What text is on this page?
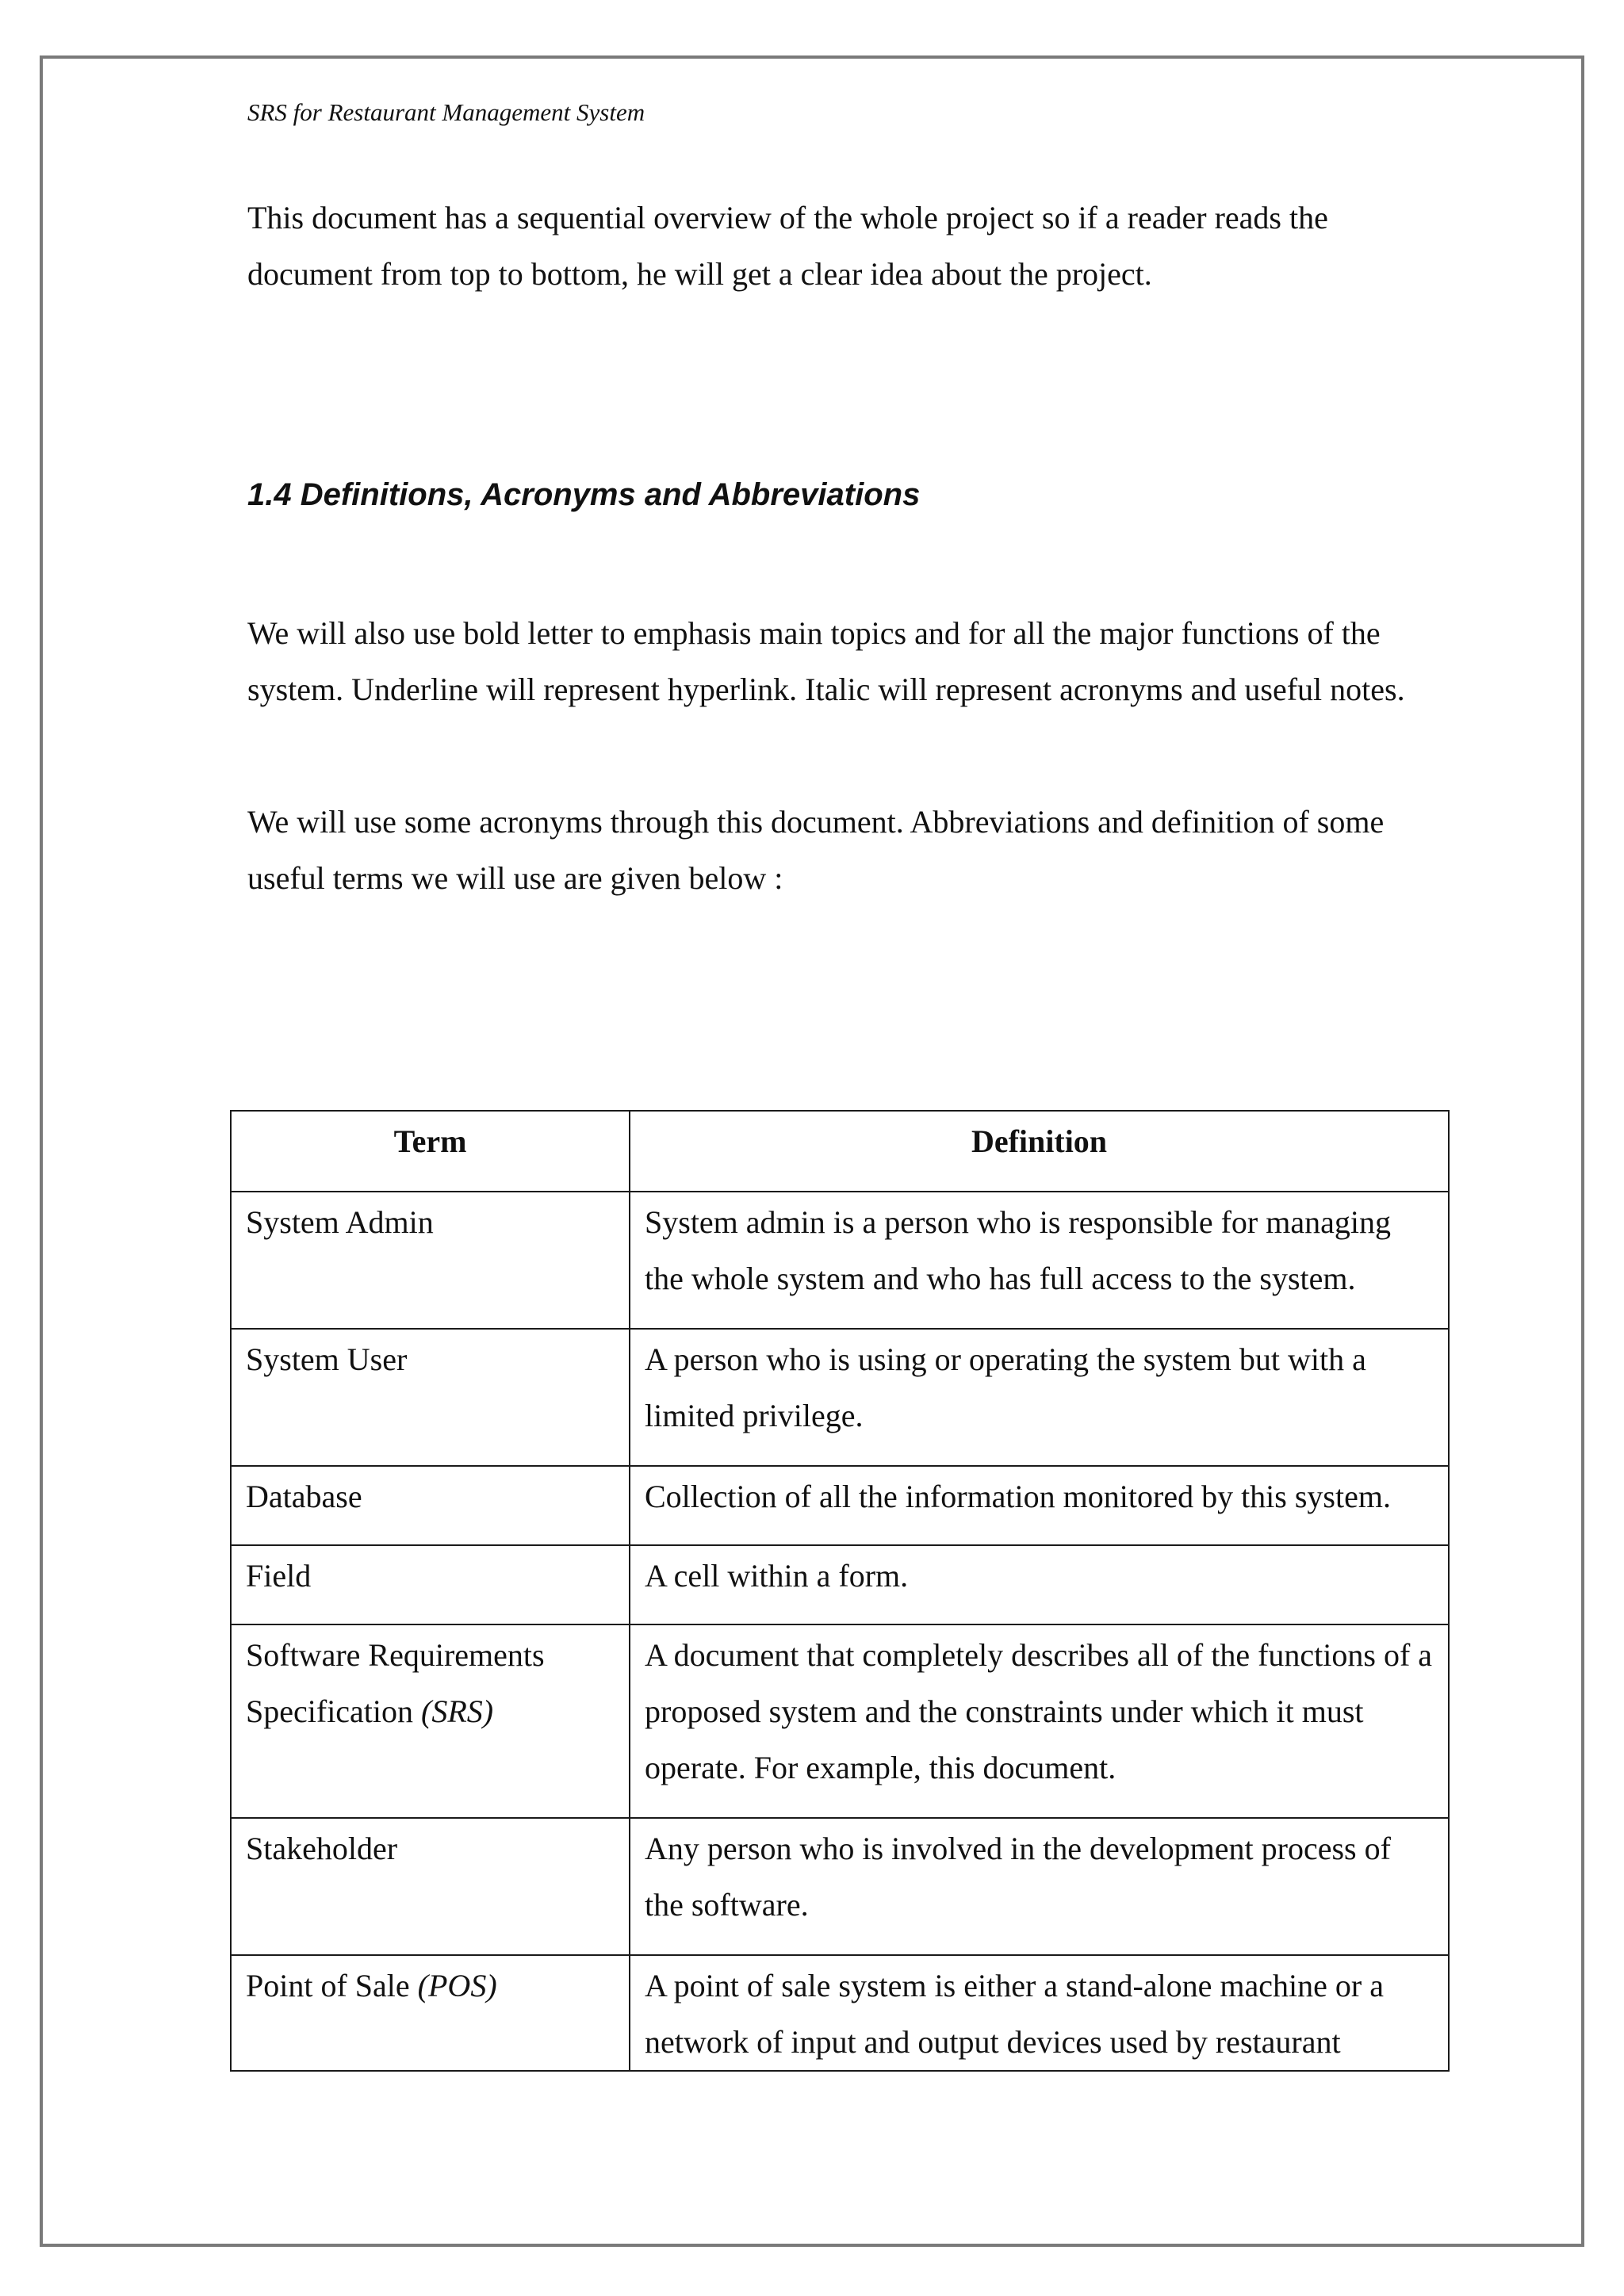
SRS for Restaurant Management System

This document has a sequential overview of the whole project so if a reader reads the document from top to bottom, he will get a clear idea about the project.

1.4 Definitions, Acronyms and Abbreviations

We will also use bold letter to emphasis main topics and for all the major functions of the system. Underline will represent hyperlink. Italic will represent acronyms and useful notes.

We will use some acronyms through this document. Abbreviations and definition of some useful terms we will use are given below :

Term	Definition
System Admin	System admin is a person who is responsible for managing the whole system and who has full access to the system.
System User	A person who is using or operating the system but with a limited privilege.
Database	Collection of all the information monitored by this system.
Field	A cell within a form.
Software Requirements Specification (SRS)	A document that completely describes all of the functions of a proposed system and the constraints under which it must operate. For example, this document.
Stakeholder	Any person who is involved in the development process of the software.
Point of Sale (POS)	A point of sale system is either a stand-alone machine or a network of input and output devices used by restaurant
